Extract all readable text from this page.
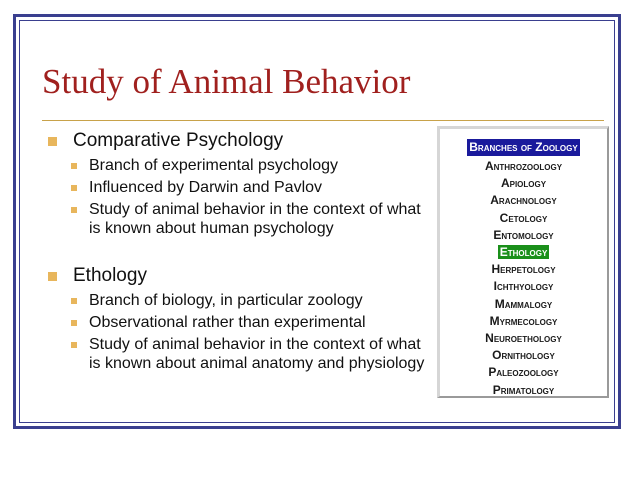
Study of Animal Behavior
Comparative Psychology
Branch of experimental psychology
Influenced by Darwin and Pavlov
Study of animal behavior in the context of what is known about human psychology
Ethology
Branch of biology, in particular zoology
Observational rather than experimental
Study of animal behavior in the context of what is known about animal anatomy and physiology
Branches of Zoology
Anthrozoology
Apiology
Arachnology
Cetology
Entomology
Ethology
Herpetology
Ichthyology
Mammalogy
Myrmecology
Neuroethology
Ornithology
Paleozoology
Primatology
